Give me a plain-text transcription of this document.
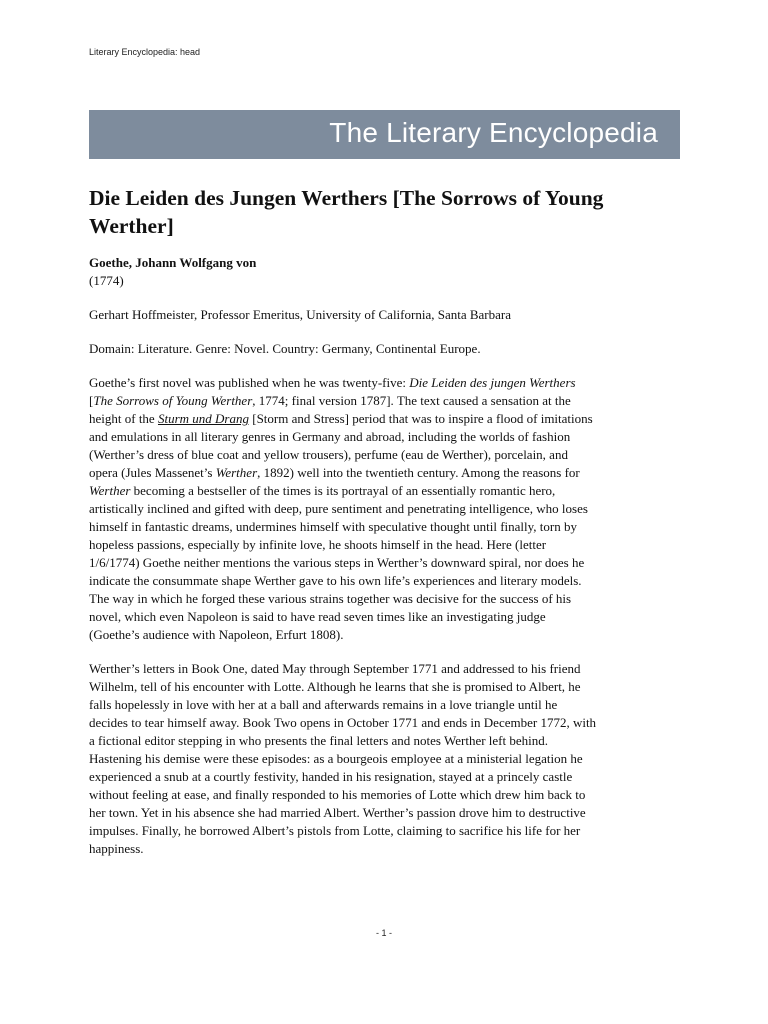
Literary Encyclopedia: head
The Literary Encyclopedia
Die Leiden des Jungen Werthers [The Sorrows of Young Werther]

Goethe, Johann Wolfgang von

(1774)

Gerhart Hoffmeister, Professor Emeritus, University of California, Santa Barbara

Domain: Literature. Genre: Novel. Country: Germany, Continental Europe.

Goethe’s first novel was published when he was twenty-five: Die Leiden des jungen Werthers
[The Sorrows of Young Werther, 1774; final version 1787]. The text caused a sensation at the
height of the Sturm und Drang [Storm and Stress] period that was to inspire a flood of imitations
and emulations in all literary genres in Germany and abroad, including the worlds of fashion
(Werther’s dress of blue coat and yellow trousers), perfume (eau de Werther), porcelain, and
opera (Jules Massenet’s Werther, 1892) well into the twentieth century. Among the reasons for
Werther becoming a bestseller of the times is its portrayal of an essentially romantic hero,
artistically inclined and gifted with deep, pure sentiment and penetrating intelligence, who loses
himself in fantastic dreams, undermines himself with speculative thought until finally, torn by
hopeless passions, especially by infinite love, he shoots himself in the head. Here (letter
1/6/1774) Goethe neither mentions the various steps in Werther’s downward spiral, nor does he
indicate the consummate shape Werther gave to his own life’s experiences and literary models.
The way in which he forged these various strains together was decisive for the success of his
novel, which even Napoleon is said to have read seven times like an investigating judge
(Goethe’s audience with Napoleon, Erfurt 1808).

Werther’s letters in Book One, dated May through September 1771 and addressed to his friend
Wilhelm, tell of his encounter with Lotte. Although he learns that she is promised to Albert, he
falls hopelessly in love with her at a ball and afterwards remains in a love triangle until he
decides to tear himself away. Book Two opens in October 1771 and ends in December 1772, with
a fictional editor stepping in who presents the final letters and notes Werther left behind.
Hastening his demise were these episodes: as a bourgeois employee at a ministerial legation he
experienced a snub at a courtly festivity, handed in his resignation, stayed at a princely castle
without feeling at ease, and finally responded to his memories of Lotte which drew him back to
her town. Yet in his absence she had married Albert. Werther’s passion drove him to destructive
impulses. Finally, he borrowed Albert’s pistols from Lotte, claiming to sacrifice his life for her
happiness.

- 1 -
